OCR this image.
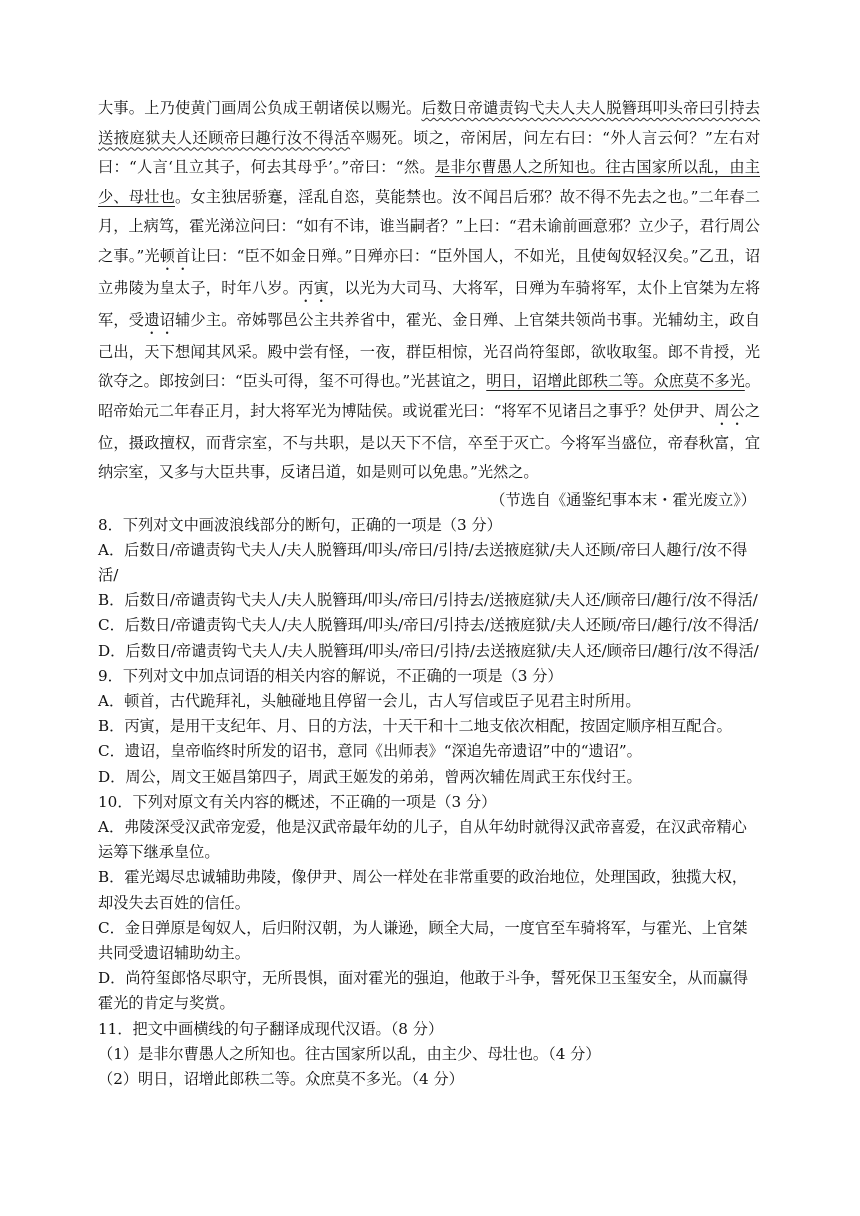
大事。上乃使黄门画周公负成王朝诸侯以赐光。后数日帝谴责钩弋夫人夫人脱簪珥叩头帝曰引持去送掖庭狱夫人还顾帝曰趣行汝不得活卒赐死。顷之，帝闲居，问左右曰：“外人言云何？”左右对曰：“人言‘且立其子，何去其母乎’。”帝曰：“然。是非尔曹愚人之所知也。往古国家所以乱，由主少、母壮也。女主独居骄蹇，淫乱自恣，莫能禁也。汝不闻吕后邪？故不得不先去之也。”二年春二月，上病笃，霍光涕泣问曰：“如有不讳，谁当嗣者？”上曰：“君未谕前画意邪？立少子，君行周公之事。”光顿首让曰：“臣不如金日殚。”日殚亦曰：“臣外国人，不如光，且使匈奴轻汉矣。”乙丑，诏立弗陵为皇太子，时年八岁。丙寅，以光为大司马、大将军，日殚为车骑将军，太仆上官桀为左将军，受遗诏辅少主。帝姊鄂邑公主共养省中，霍光、金日殚、上官桀共领尚书事。光辅幼主，政自己出，天下想闻其风采。殿中尝有怪，一夜，群臣相惊，光召尚符玺郎，欲收取玺。郎不肯授，光欲夺之。郎按剑曰：“臣头可得，玺不可得也。”光甚谊之，明日，诏增此郎秩二等。众庶莫不多光。昭帝始元二年春正月，封大将军光为博陆侯。或说霍光曰：“将军不见诸吕之事乎？处伊尹、周公之位，摄政擅权，而背宗室，不与共职，是以天下不信，卒至于灭亡。今将军当盛位，帝春秋富，宜纳宗室，又多与大臣共事，反诸吕道，如是则可以免患。”光然之。
（节选自《通鉴纪事本末・霍光废立》）

8．下列对文中画波浪线部分的断句，正确的一项是（3 分）

A．后数日/帝谴责钩弋夫人/夫人脱簪珥/叩头/帝曰/引持/去送掖庭狱/夫人还顾/帝曰人趣行/汝不得活/

B．后数日/帝谴责钩弋夫人/夫人脱簪珥/叩头/帝曰/引持去/送掖庭狱/夫人还/顾帝曰/趣行/汝不得活/

C．后数日/帝谴责钩弋夫人/夫人脱簪珥/叩头/帝曰/引持去/送掖庭狱/夫人还顾/帝曰/趣行/汝不得活/

D．后数日/帝谴责钩弋夫人/夫人脱簪珥/叩头/帝曰/引持/去送掖庭狱/夫人还/顾帝曰/趣行/汝不得活/

9．下列对文中加点词语的相关内容的解说，不正确的一项是（3 分）

A．顿首，古代跪拜礼，头触碰地且停留一会儿，古人写信或臣子见君主时所用。

B．丙寅，是用干支纪年、月、日的方法，十天干和十二地支依次相配，按固定顺序相互配合。

C．遗诏，皇帝临终时所发的诏书，意同《出师表》“深追先帝遗诏”中的“遗诏”。

D．周公，周文王姬昌第四子，周武王姬发的弟弟，曾两次辅佐周武王东伐纣王。

10．下列对原文有关内容的概述，不正确的一项是（3 分）

A．弗陵深受汉武帝宠爱，他是汉武帝最年幼的儿子，自从年幼时就得汉武帝喜爱，在汉武帝精心运筹下继承皇位。

B．霍光竭尽忠诚辅助弗陵，像伊尹、周公一样处在非常重要的政治地位，处理国政，独揽大权，却没失去百姓的信任。

C．金日弹原是匈奴人，后归附汉朝，为人谦逊，顾全大局，一度官至车骑将军，与霍光、上官桀共同受遗诏辅助幼主。

D．尚符玺郎恪尽职守，无所畏惧，面对霍光的强迫，他敢于斗争，誓死保卫玉玺安全，从而赢得霍光的肯定与奖赏。

11．把文中画横线的句子翻译成现代汉语。（8 分）

（1）是非尔曹愚人之所知也。往古国家所以乱，由主少、母壮也。（4 分）

（2）明日，诏增此郎秩二等。众庶莫不多光。（4 分）
